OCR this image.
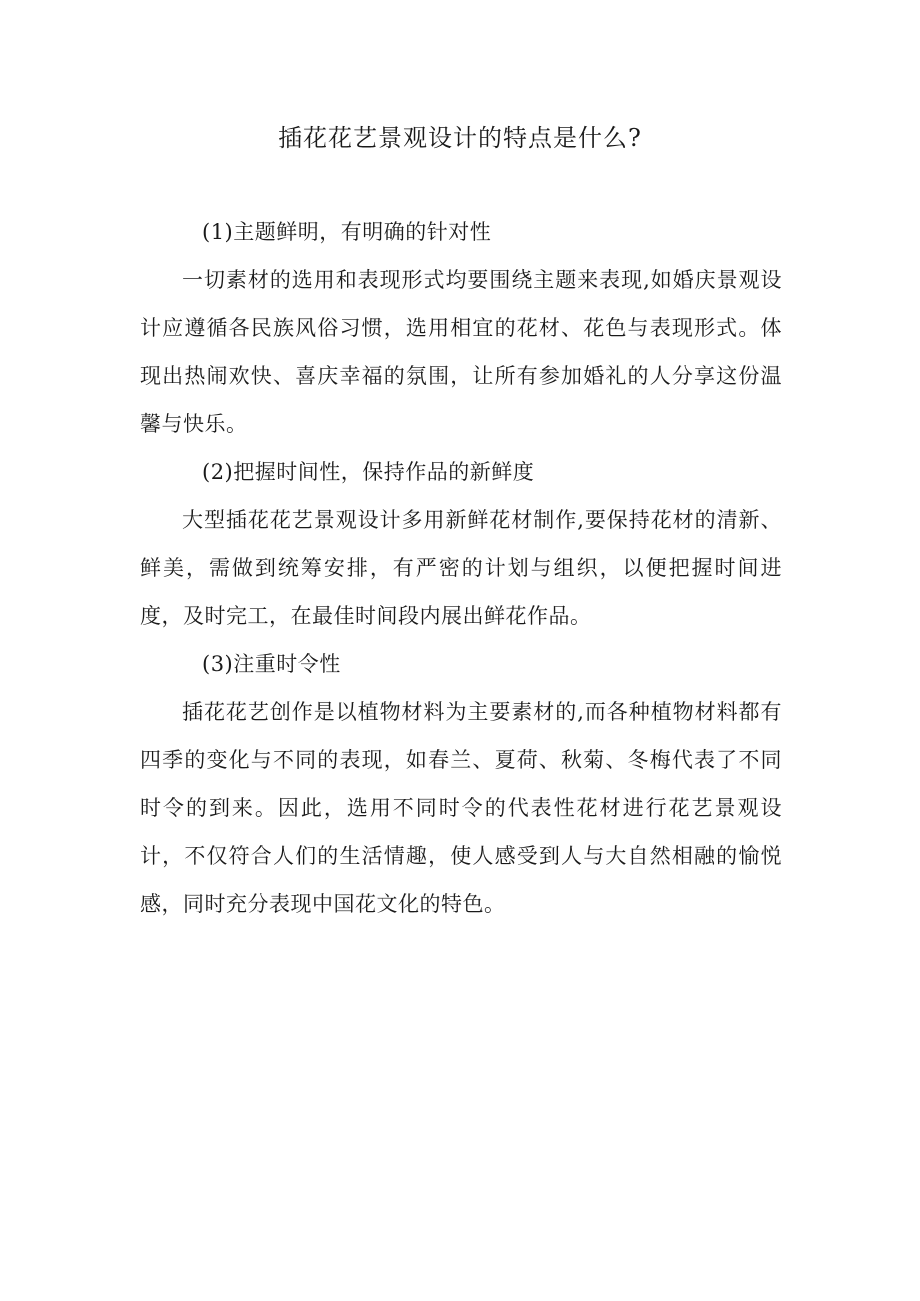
插花花艺景观设计的特点是什么?

(1)主题鲜明，有明确的针对性

一切素材的选用和表现形式均要围绕主题来表现,如婚庆景观设计应遵循各民族风俗习惯，选用相宜的花材、花色与表现形式。体现出热闹欢快、喜庆幸福的氛围，让所有参加婚礼的人分享这份温馨与快乐。

(2)把握时间性，保持作品的新鲜度

大型插花花艺景观设计多用新鲜花材制作,要保持花材的清新、鲜美，需做到统筹安排，有严密的计划与组织，以便把握时间进度，及时完工，在最佳时间段内展出鲜花作品。

(3)注重时令性

插花花艺创作是以植物材料为主要素材的,而各种植物材料都有四季的变化与不同的表现，如春兰、夏荷、秋菊、冬梅代表了不同时令的到来。因此，选用不同时令的代表性花材进行花艺景观设计，不仅符合人们的生活情趣，使人感受到人与大自然相融的愉悦感，同时充分表现中国花文化的特色。
